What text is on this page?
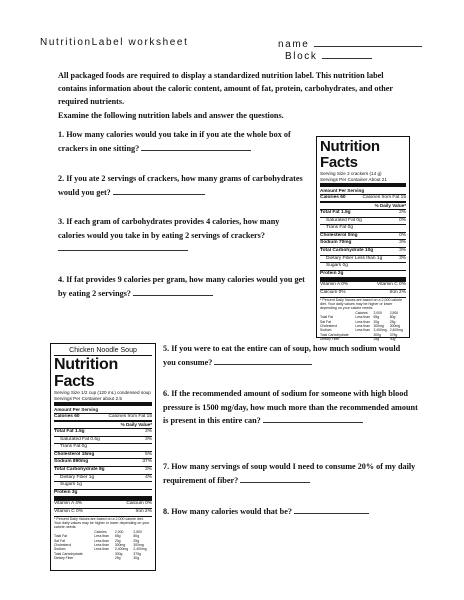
NutritionLabel worksheet	name
Block
All packaged foods are required to display a standardized nutrition label. This nutrition label contains information about the caloric content, amount of fat, protein, carbohydrates, and other required nutrients.
Examine the following nutrition labels and answer the questions.
1. How many calories would you take in if you ate the whole box of crackers in one sitting?
2. If you ate 2 servings of crackers, how many grams of carbohydrates would you get?
3. If each gram of carbohydrates provides 4 calories, how many calories would you take in by eating 2 servings of crackers?
4. If fat provides 9 calories per gram, how many calories would you get by eating 2 servings?
Nutrition Facts
Serving Size 2 crackers (14 g)
Servings Per Container About 21
Amount Per Serving
Calories 60	Calories from Fat 15
% Daily Value*
Total Fat 1.5g	2%
Saturated Fat 0g	0%
Trans Fat 0g
Cholesterol 0mg	0%
Sodium 70mg	3%
Total Carbohydrate 10g	3%
Dietary Fiber Less than 1g	3%
Sugars 0g
Protein 2g
Vitamin A 0%	Vitamin C 0%
Calcium 0%	Iron 2%
* Percent Daily Values are based on a 2,000 calorie diet. Your daily values may be higher or lower depending on your calorie needs:
	Calories	2,000	2,500
Total Fat	Less than	65g	80g
Sat Fat	Less than	20g	25g
Cholesterol	Less than	300mg	300mg
Sodium	Less than	2,400mg	2,400mg
Total Carbohydrate		300g	375g
Dietary Fiber		25g	30g
Chicken Noodle Soup
Nutrition Facts
Serving Size 1/2 cup (120 mL) condensed soup
Servings Per Container about 2.5
Amount Per Serving
Calories 60	Calories from Fat 15
% Daily Value*
Total Fat 1.5g	2%
Saturated Fat 0.5g	3%
Trans Fat 0g
Cholesterol 15mg	5%
Sodium 890mg	37%
Total Carbohydrate 8g	3%
Dietary Fiber 1g	4%
Sugars 1g
Protein 3g
Vitamin A 4%	Calcium 0%
Vitamin C 0%	Iron 2%
* Percent Daily Values are based on a 2,000 calorie diet. Your daily values may be higher or lower depending on your calorie needs:
	Calories	2,000	2,500
Total Fat	Less than	65g	80g
Sat Fat	Less than	20g	25g
Cholesterol	Less than	300mg	300mg
Sodium	Less than	2,400mg	2,400mg
Total Carbohydrate		300g	375g
Dietary Fiber		25g	30g
5. If you were to eat the entire can of soup, how much sodium would you consume?
6. If the recommended amount of sodium for someone with high blood pressure is 1500 mg/day, how much more than the recommended amount is present in this entire can?
7. How many servings of soup would I need to consume 20% of my daily requirement of fiber?
8. How many calories would that be?
